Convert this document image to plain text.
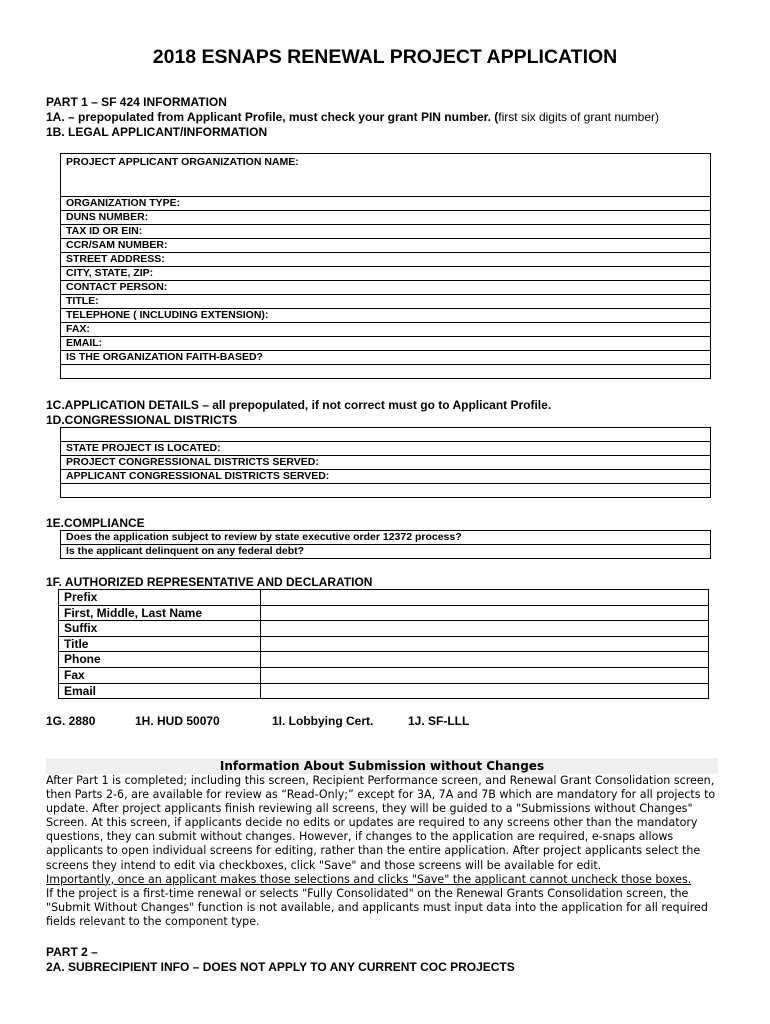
2018 ESNAPS RENEWAL PROJECT APPLICATION
PART 1 – SF 424 INFORMATION
1A. – prepopulated from Applicant Profile, must check your grant PIN number. (first six digits of grant number)
1B. LEGAL APPLICANT/INFORMATION
PROJECT APPLICANT ORGANIZATION NAME:
ORGANIZATION TYPE:
DUNS NUMBER:
TAX ID OR EIN:
CCR/SAM NUMBER:
STREET ADDRESS:
CITY, STATE, ZIP:
CONTACT PERSON:
TITLE:
TELEPHONE ( INCLUDING EXTENSION):
FAX:
EMAIL:
IS THE ORGANIZATION FAITH-BASED?

1C.APPLICATION DETAILS – all prepopulated, if not correct must go to Applicant Profile.
1D.CONGRESSIONAL DISTRICTS

STATE PROJECT IS LOCATED:
PROJECT CONGRESSIONAL DISTRICTS SERVED:
APPLICANT CONGRESSIONAL DISTRICTS SERVED:

1E.COMPLIANCE
Does the application subject to review by state executive order 12372 process?
Is the applicant delinquent on any federal debt?
1F. AUTHORIZED REPRESENTATIVE AND DECLARATION
Prefix	
First, Middle, Last Name	
Suffix	
Title	
Phone	
Fax	
Email	
1G. 2880	1H. HUD 50070	1I. Lobbying Cert.	1J. SF-LLL
Information About Submission without Changes

After Part 1 is completed; including this screen, Recipient Performance screen, and Renewal Grant Consolidation screen, then Parts 2-6, are available for review as “Read-Only;” except for 3A, 7A and 7B which are mandatory for all projects to update. After project applicants finish reviewing all screens, they will be guided to a "Submissions without Changes" Screen. At this screen, if applicants decide no edits or updates are required to any screens other than the mandatory questions, they can submit without changes. However, if changes to the application are required, e-snaps allows applicants to open individual screens for editing, rather than the entire application. After project applicants select the screens they intend to edit via checkboxes, click "Save" and those screens will be available for edit.
Importantly, once an applicant makes those selections and clicks "Save" the applicant cannot uncheck those boxes.

If the project is a first-time renewal or selects "Fully Consolidated" on the Renewal Grants Consolidation screen, the "Submit Without Changes" function is not available, and applicants must input data into the application for all required fields relevant to the component type.

PART 2 –
2A. SUBRECIPIENT INFO – DOES NOT APPLY TO ANY CURRENT COC PROJECTS
